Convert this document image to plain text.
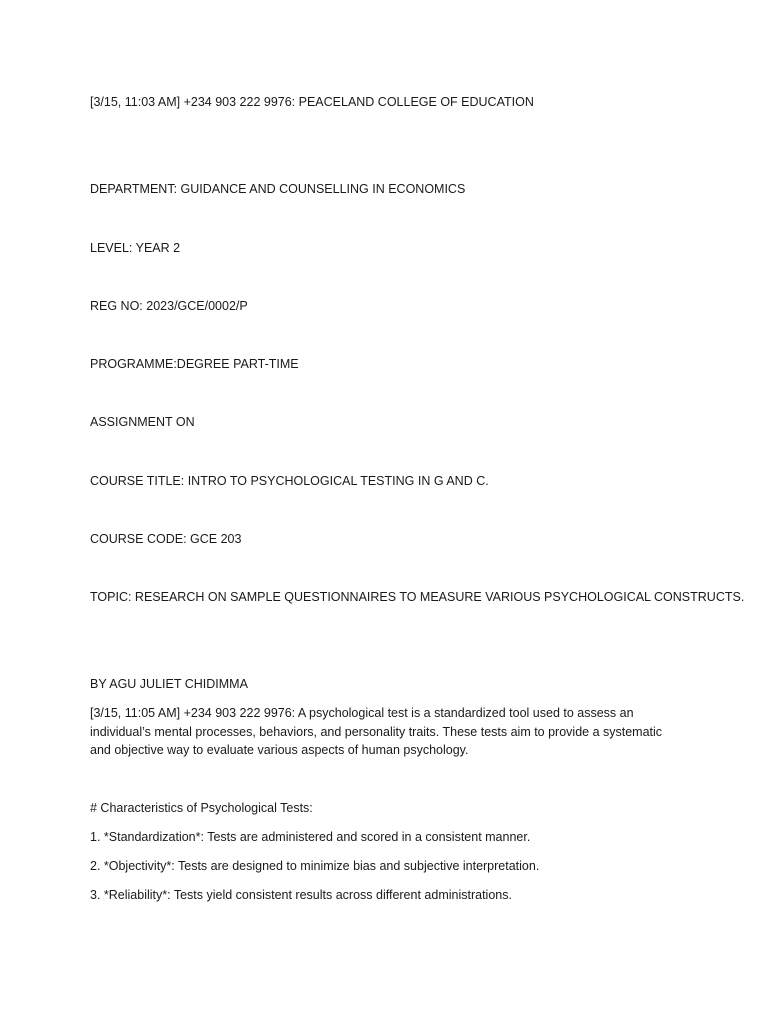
[3/15, 11:03 AM] +234 903 222 9976: PEACELAND COLLEGE OF EDUCATION

DEPARTMENT: GUIDANCE AND COUNSELLING IN ECONOMICS

LEVEL: YEAR 2

REG NO: 2023/GCE/0002/P

PROGRAMME:DEGREE PART-TIME

ASSIGNMENT ON

COURSE TITLE: INTRO TO PSYCHOLOGICAL TESTING IN G AND C.

COURSE CODE: GCE 203

TOPIC: RESEARCH ON SAMPLE QUESTIONNAIRES TO MEASURE VARIOUS PSYCHOLOGICAL CONSTRUCTS.

BY AGU JULIET CHIDIMMA

[3/15, 11:05 AM] +234 903 222 9976: A psychological test is a standardized tool used to assess an
individual’s mental processes, behaviors, and personality traits. These tests aim to provide a systematic
and objective way to evaluate various aspects of human psychology.

# Characteristics of Psychological Tests:

1. *Standardization*: Tests are administered and scored in a consistent manner.

2. *Objectivity*: Tests are designed to minimize bias and subjective interpretation.

3. *Reliability*: Tests yield consistent results across different administrations.
